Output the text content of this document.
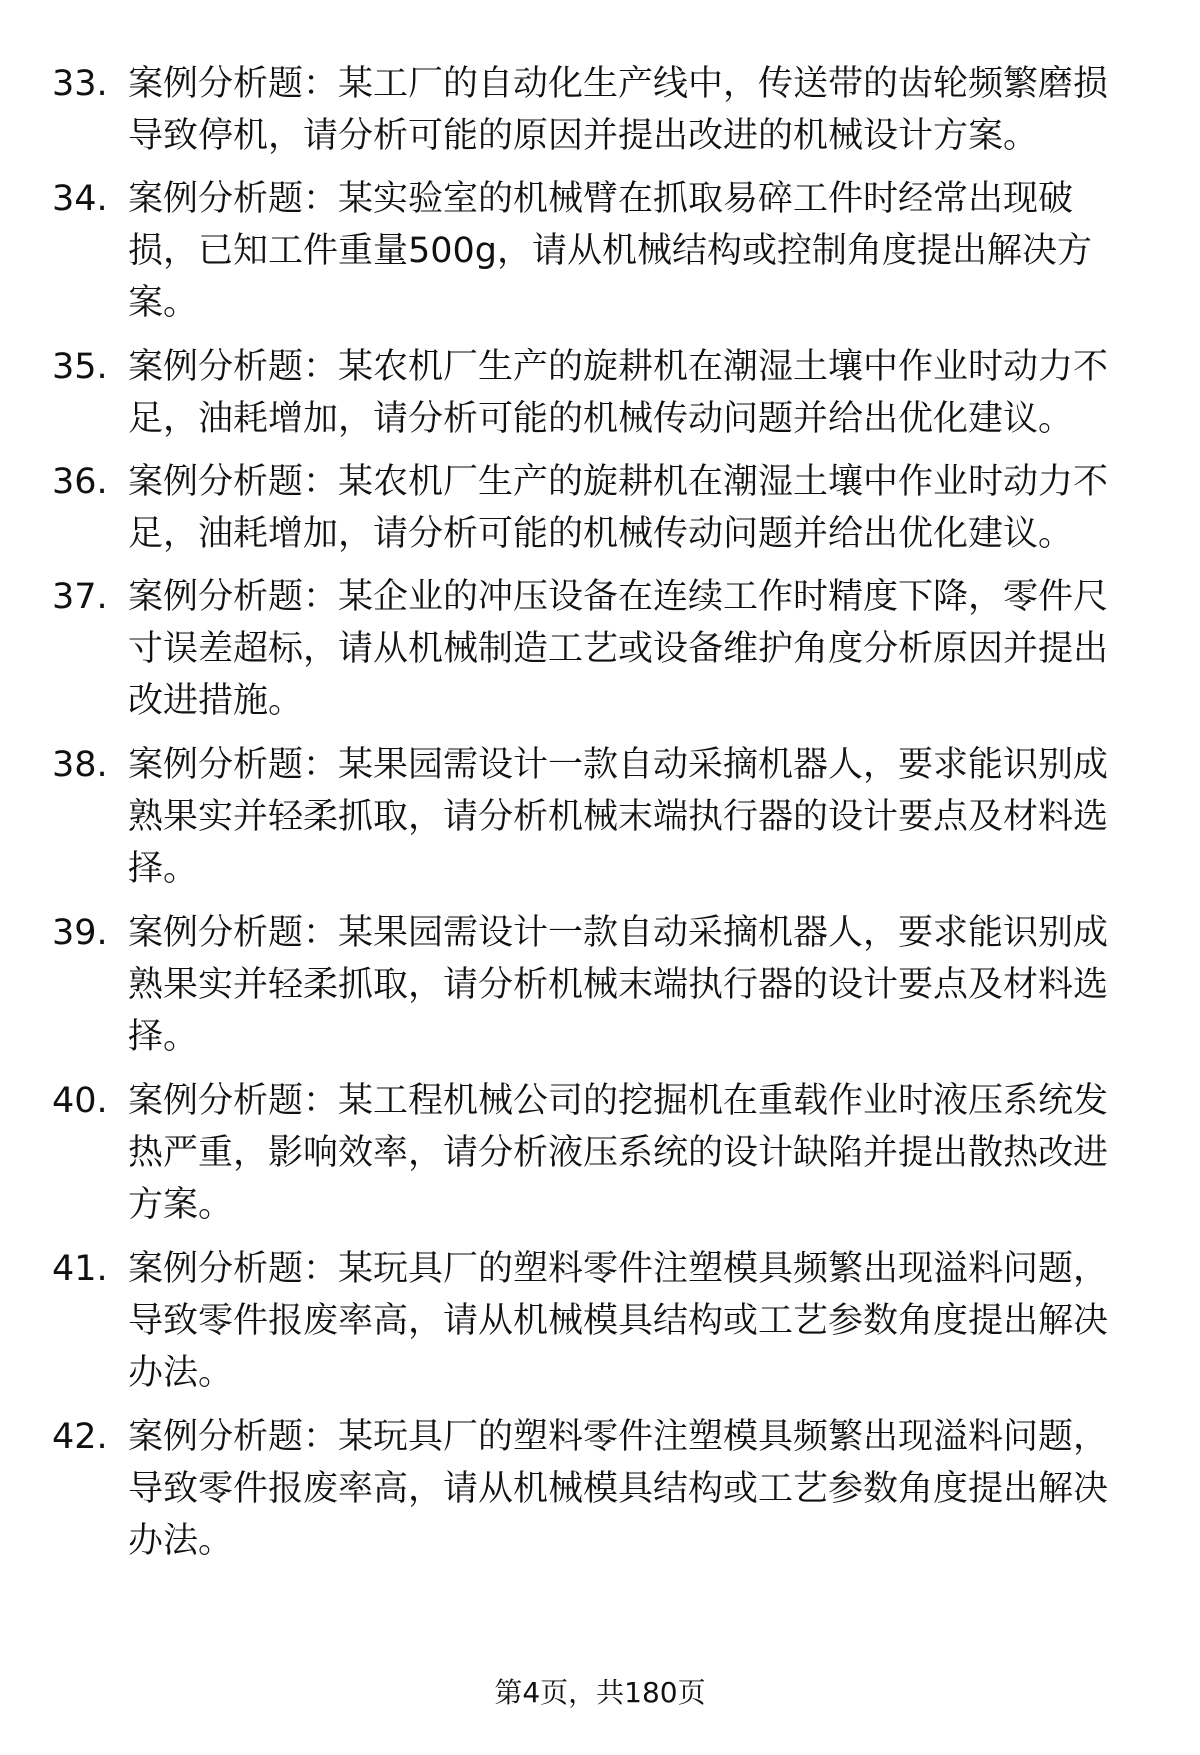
33. 案例分析题：某工厂的自动化生产线中，传送带的齿轮频繁磨损导致停机，请分析可能的原因并提出改进的机械设计方案。
34. 案例分析题：某实验室的机械臂在抓取易碎工件时经常出现破损，已知工件重量500g，请从机械结构或控制角度提出解决方案。
35. 案例分析题：某农机厂生产的旋耕机在潮湿土壤中作业时动力不足，油耗增加，请分析可能的机械传动问题并给出优化建议。
36. 案例分析题：某农机厂生产的旋耕机在潮湿土壤中作业时动力不足，油耗增加，请分析可能的机械传动问题并给出优化建议。
37. 案例分析题：某企业的冲压设备在连续工作时精度下降，零件尺寸误差超标，请从机械制造工艺或设备维护角度分析原因并提出改进措施。
38. 案例分析题：某果园需设计一款自动采摘机器人，要求能识别成熟果实并轻柔抓取，请分析机械末端执行器的设计要点及材料选择。
39. 案例分析题：某果园需设计一款自动采摘机器人，要求能识别成熟果实并轻柔抓取，请分析机械末端执行器的设计要点及材料选择。
40. 案例分析题：某工程机械公司的挖掘机在重载作业时液压系统发热严重，影响效率，请分析液压系统的设计缺陷并提出散热改进方案。
41. 案例分析题：某玩具厂的塑料零件注塑模具频繁出现溢料问题，导致零件报废率高，请从机械模具结构或工艺参数角度提出解决办法。
42. 案例分析题：某玩具厂的塑料零件注塑模具频繁出现溢料问题，导致零件报废率高，请从机械模具结构或工艺参数角度提出解决办法。
第4页，共180页
